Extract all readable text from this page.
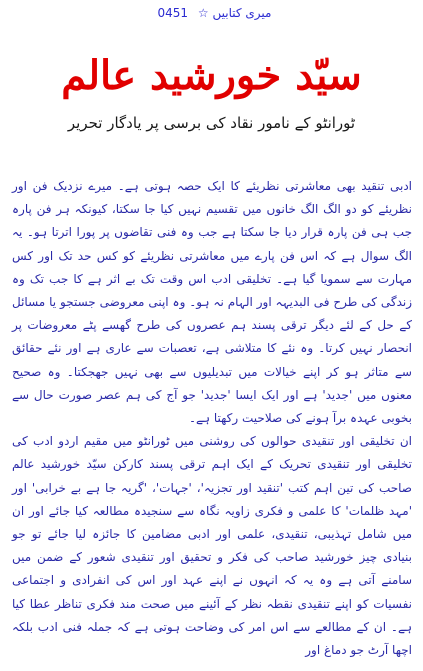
میری کتابیں ☆ 0451
سیّد خورشید عالم
ٹورانٹو کے نامور نقاد کی برسی پر یادگار تحریر

ادبی تنقید بھی معاشرتی نظریئے کا ایک حصہ ہوتی ہے۔ میرے نزدیک فن اور نظریئے کو دو الگ الگ خانوں میں تقسیم نہیں کیا جا سکتا، کیونکہ ہر فن پارہ جب ہی فن پارہ قرار دیا جا سکتا ہے جب وہ فنی تقاضوں پر پورا اترتا ہو۔ یہ الگ سوال ہے کہ اس فن پارے میں معاشرتی نظریئے کو کس حد تک اور کس مہارت سے سمویا گیا ہے۔ تخلیقی ادب اس وقت تک بے اثر ہے کا جب تک وہ زندگی کی طرح فی البدیہہ اور الہام نہ ہو۔ وہ اپنی معروضی جستجو یا مسائل کے حل کے لئے دیگر ترقی پسند ہم عصروں کی طرح گھسے پٹے معروضات پر انحصار نہیں کرتا۔ وہ نئے کا متلاشی ہے، تعصبات سے عاری ہے اور نئے حقائق سے متاثر ہو کر اپنے خیالات میں تبدیلیوں سے بھی نہیں جھجکتا۔ وہ صحیح معنوں میں 'جدید' ہے اور ایک ایسا 'جدید' جو آج کی ہم عصر صورت حال سے بخوبی عہدہ برآ ہونے کی صلاحیت رکھتا ہے۔

ان تخلیقی اور تنقیدی حوالوں کی روشنی میں ٹورانٹو میں مقیم اردو ادب کی تخلیقی اور تنقیدی تحریک کے ایک اہم ترقی پسند کارکن سیّد خورشید عالم صاحب کی تین اہم کتب 'تنقید اور تجزیہ'، 'جہات'، 'گریہ جا ہے بے خرابی' اور 'مہد ظلمات' کا علمی و فکری زاویہ نگاہ سے سنجیدہ مطالعہ کیا جائے اور ان میں شامل تہذیبی، تنقیدی، علمی اور ادبی مضامین کا جائزہ لیا جائے تو جو بنیادی چیز خورشید صاحب کی فکر و تحقیق اور تنقیدی شعور کے ضمن میں سامنے آتی ہے وہ یہ کہ انہوں نے اپنے عہد اور اس کی انفرادی و اجتماعی نفسیات کو اپنے تنقیدی نقطہ نظر کے آئینے میں صحت مند فکری تناظر عطا کیا ہے۔ ان کے مطالعے سے اس امر کی وضاحت ہوتی ہے کہ جملہ فنی ادب بلکہ اچھا آرٹ جو دماغ اور
